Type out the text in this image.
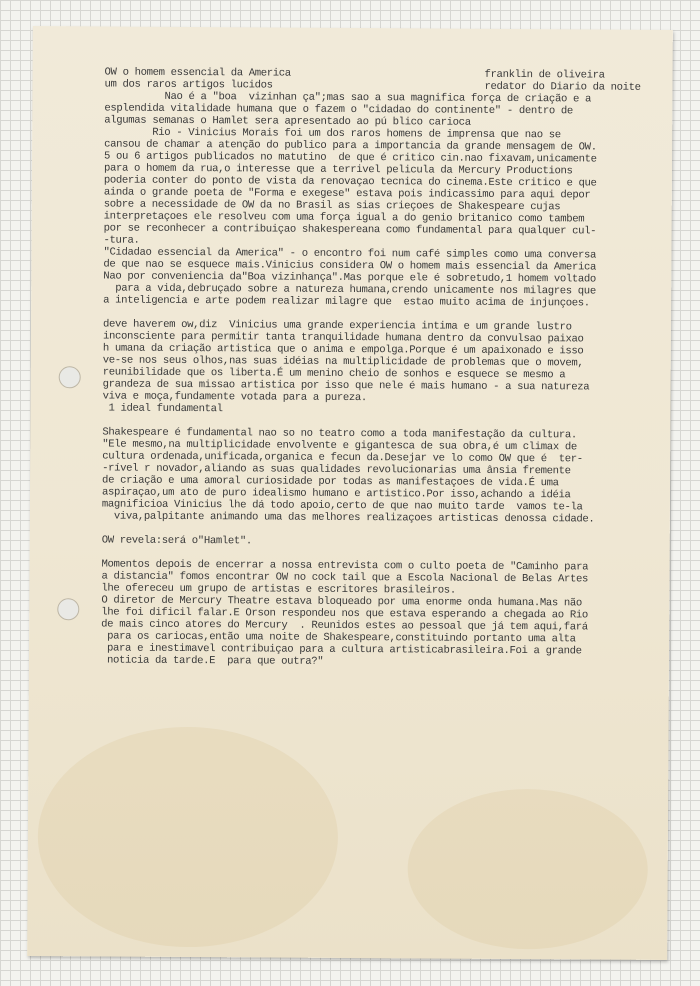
OW o homem essencial da America
um dos raros artigos lucidos
franklin de oliveira
redator do Diario da noite
Nao é a "boa  vizinhan ça";mas sao a sua magnifica força de criação e a
esplendida vitalidade humana que o fazem o "cidadao do continente" - dentro de
algumas semanas o Hamlet sera apresentado ao pú blico carioca
Rio - Vinicius Morais foi um dos raros homens de imprensa que nao se
cansou de chamar a atenção do publico para a importancia da grande mensagem de OW.
5 ou 6 artigos publicados no matutino  de que é critico cin.nao fixavam,unicamente
para o homem da rua,o interesse que a terrivel pelicula da Mercury Productions
poderia conter do ponto de vista da renovaçao tecnica do cinema.Este critico e que
ainda o grande poeta de "Forma e exegese" estava pois indicassimo para aqui depor
sobre a necessidade de OW da no Brasil as sias crieçoes de Shakespeare cujas
interpretaçoes ele resolveu com uma força igual a do genio britanico como tambem
por se reconhecer a contribuiçao shakespereana como fundamental para qualquer cul-
-tura.
"Cidadao essencial da America" - o encontro foi num café simples como uma conversa
de que nao se esquece mais.Vinicius considera OW o homem mais essencial da America
Nao por conveniencia da"Boa vizinhança".Mas porque ele é sobretudo,1 homem voltado
para a vida,debruçado sobre a natureza humana,crendo unicamente nos milagres que
a inteligencia e arte podem realizar milagre que  estao muito acima de injunçoes.
deve haverem ow,diz  Vinicius uma grande experiencia intima e um grande lustro
inconsciente para permitir tanta tranquilidade humana dentro da convulsao paixao
h umana da criação artistica que o anima e empolga.Porque é um apaixonado e isso
ve-se nos seus olhos,nas suas idéias na multiplicidade de problemas que o movem,
reunibilidade que os liberta.É um menino cheio de sonhos e esquece se mesmo a
grandeza de sua missao artistica por isso que nele é mais humano - a sua natureza
viva e moça,fundamente votada para a pureza.
1 ideal fundamental
Shakespeare é fundamental nao so no teatro como a toda manifestação da cultura.
"Ele mesmo,na multiplicidade envolvente e gigantesca de sua obra,é um climax de
cultura ordenada,unificada,organica e fecun da.Desejar ve lo como OW que é  ter-
-rível r novador,aliando as suas qualidades revolucionarias uma ânsia fremente
de criação e uma amoral curiosidade por todas as manifestaçoes de vida.É uma
aspiraçao,um ato de puro idealismo humano e artistico.Por isso,achando a idéia
magnificioa Vinicius lhe dá todo apoio,certo de que nao muito tarde  vamos te-la
viva,palpitante animando uma das melhores realizaçoes artisticas denossa cidade.
OW revela:será o"Hamlet".
Momentos depois de encerrar a nossa entrevista com o culto poeta de "Caminho para
a distancia" fomos encontrar OW no cock tail que a Escola Nacional de Belas Artes
lhe ofereceu um grupo de artistas e escritores brasileiros.
O diretor de Mercury Theatre estava bloqueado por uma enorme onda humana.Mas não
lhe foi dificil falar.E Orson respondeu nos que estava esperando a chegada ao Rio
de mais cinco atores do Mercury  . Reunidos estes ao pessoal que já tem aqui,fará
para os cariocas,então uma noite de Shakespeare,constituindo portanto uma alta
para e inestimavel contribuiçao para a cultura artisticabrasileira.Foi a grande
noticia da tarde.E  para que outra?"
